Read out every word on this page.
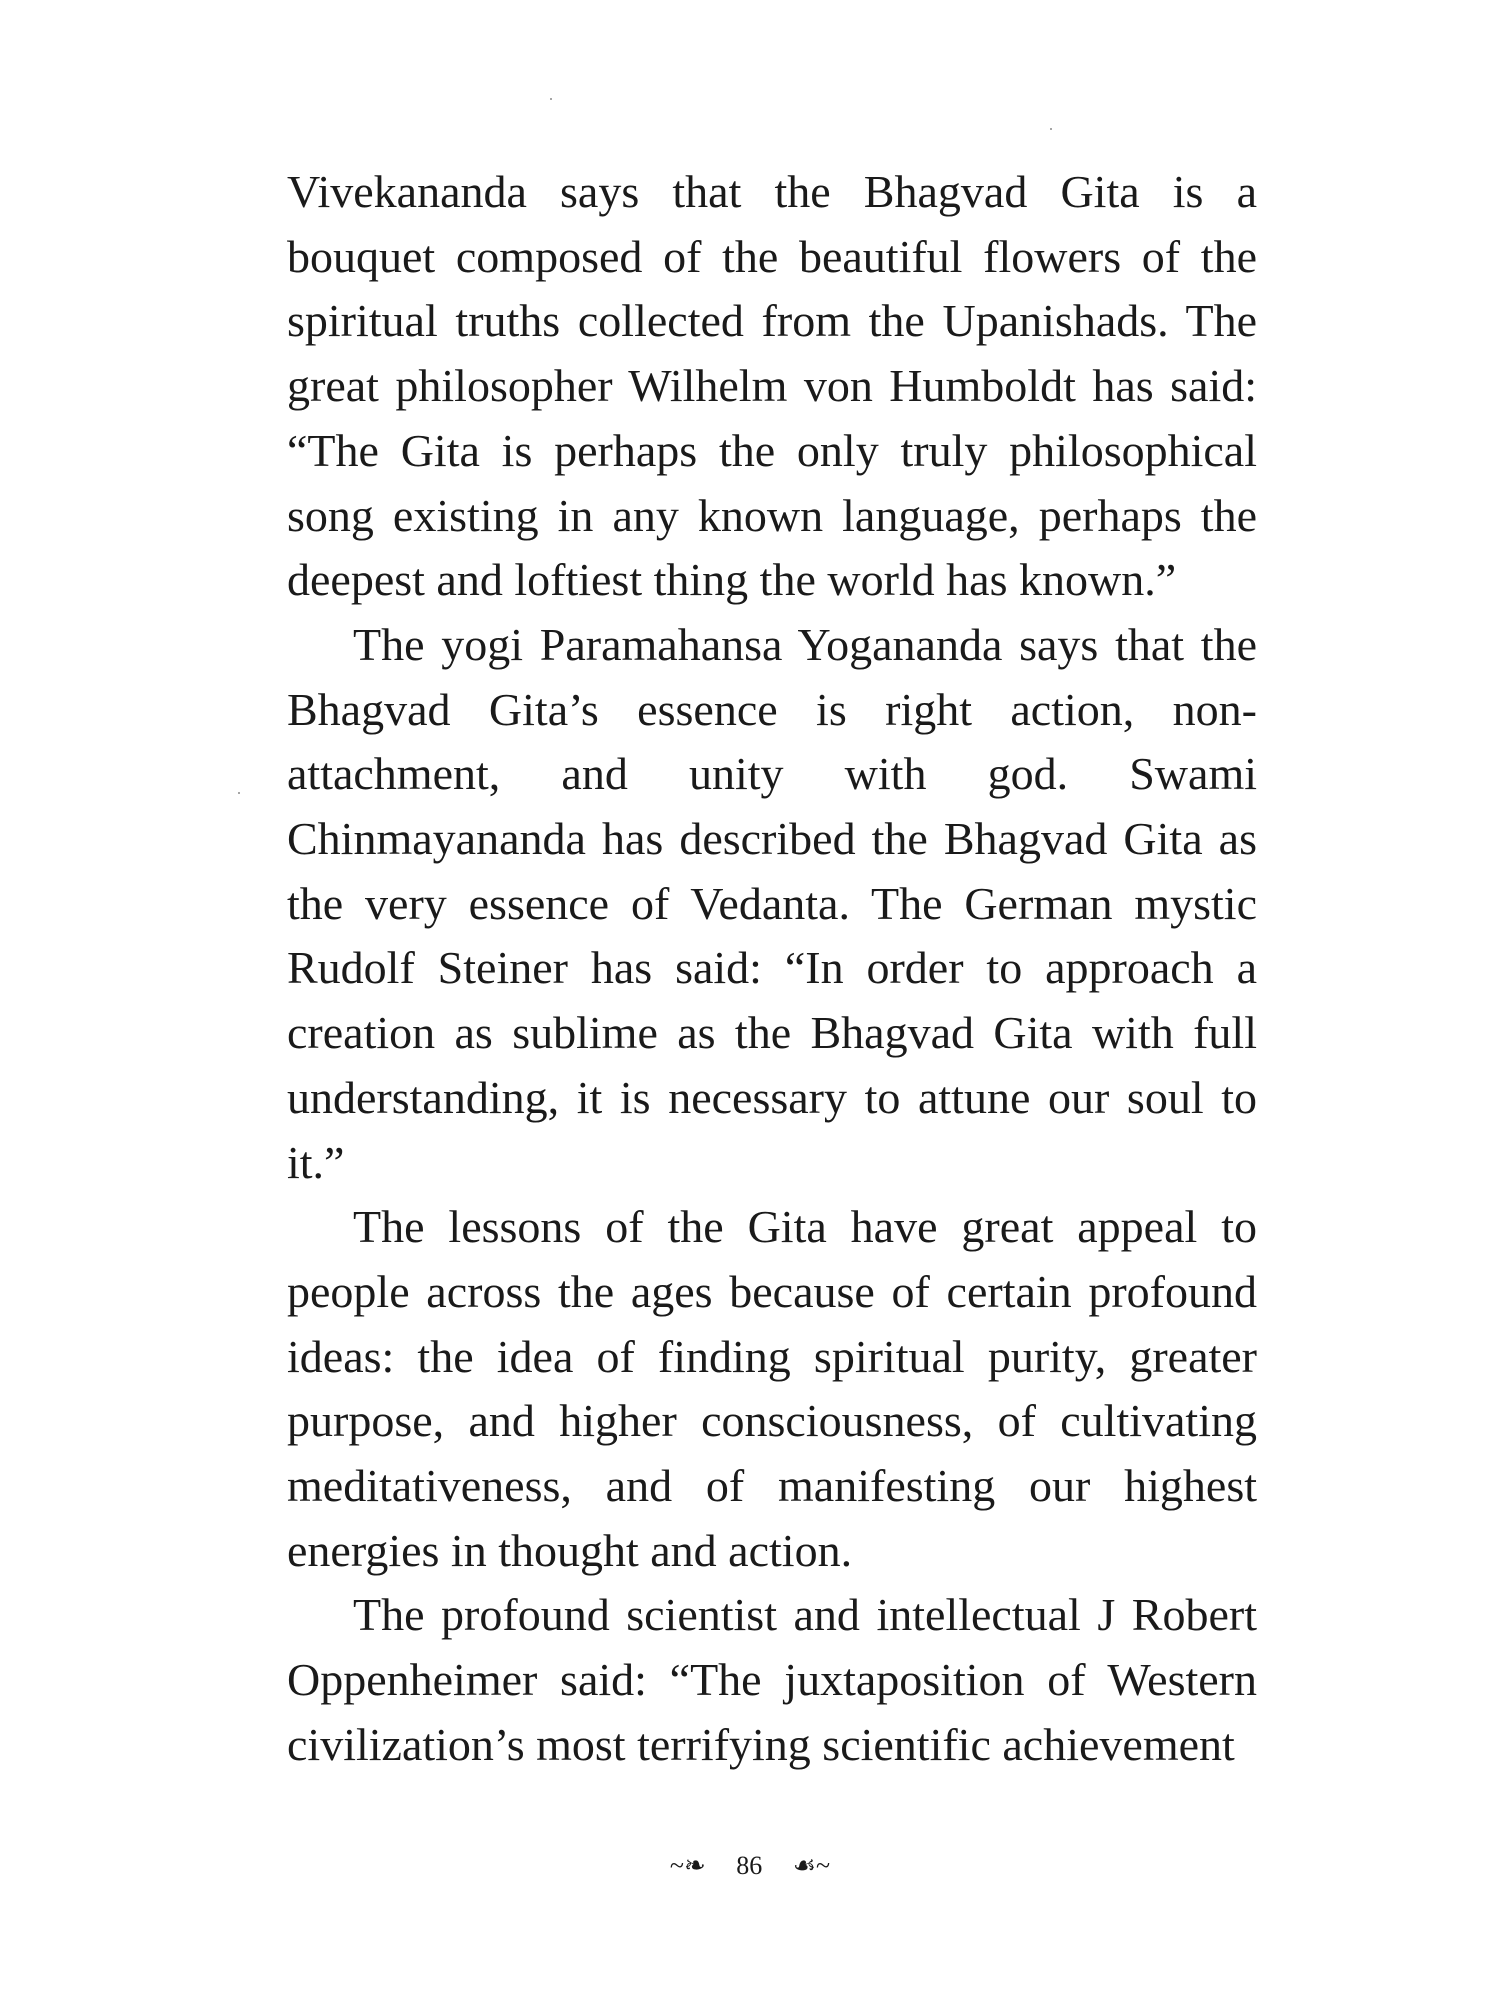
Vivekananda says that the Bhagvad Gita is a bouquet composed of the beautiful flowers of the spiritual truths collected from the Upanishads. The great philosopher Wilhelm von Humboldt has said: “The Gita is perhaps the only truly philosophical song existing in any known language, perhaps the deepest and loftiest thing the world has known.”

The yogi Paramahansa Yogananda says that the Bhagvad Gita’s essence is right action, non-attachment, and unity with god. Swami Chinmayananda has described the Bhagvad Gita as the very essence of Vedanta. The German mystic Rudolf Steiner has said: “In order to approach a creation as sublime as the Bhagvad Gita with full understanding, it is necessary to attune our soul to it.”

The lessons of the Gita have great appeal to people across the ages because of certain profound ideas: the idea of finding spiritual purity, greater purpose, and higher consciousness, of cultivating meditativeness, and of manifesting our highest energies in thought and action.

The profound scientist and intellectual J Robert Oppenheimer said: “The juxtaposition of Western civilization’s most terrifying scientific achievement

~❧ 86 ☙~
